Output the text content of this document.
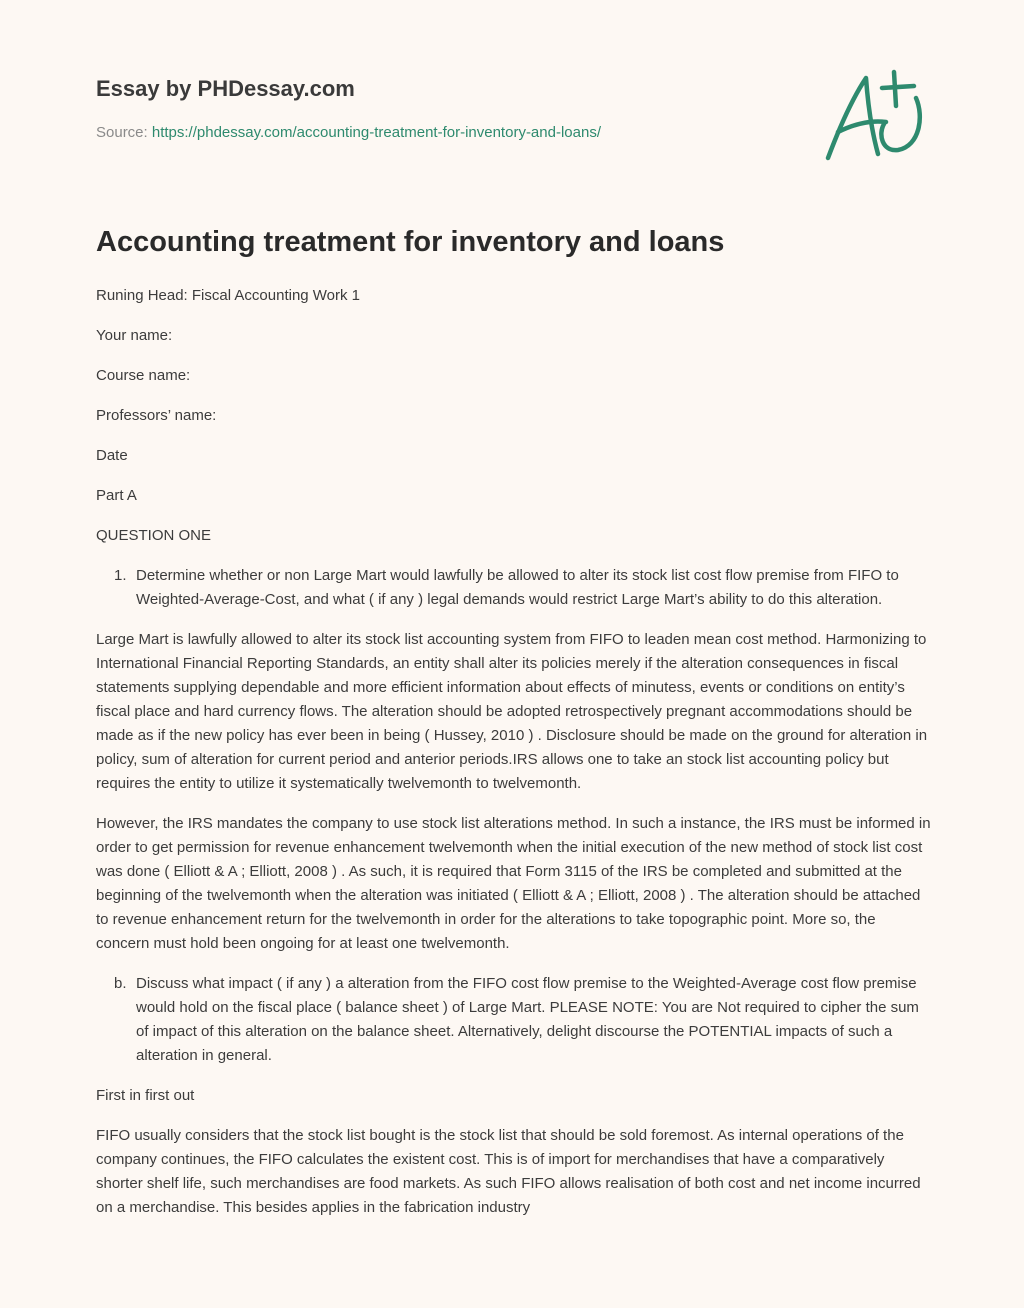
Essay by PHDessay.com
Source: https://phdessay.com/accounting-treatment-for-inventory-and-loans/
Accounting treatment for inventory and loans

Runing Head: Fiscal Accounting Work 1

Your name:

Course name:

Professors’ name:

Date

Part A

QUESTION ONE

1. Determine whether or non Large Mart would lawfully be allowed to alter its stock list cost flow premise from FIFO to Weighted-Average-Cost, and what ( if any ) legal demands would restrict Large Mart’s ability to do this alteration.

Large Mart is lawfully allowed to alter its stock list accounting system from FIFO to leaden mean cost method. Harmonizing to International Financial Reporting Standards, an entity shall alter its policies merely if the alteration consequences in fiscal statements supplying dependable and more efficient information about effects of minutess, events or conditions on entity’s fiscal place and hard currency flows. The alteration should be adopted retrospectively pregnant accommodations should be made as if the new policy has ever been in being ( Hussey, 2010 ) . Disclosure should be made on the ground for alteration in policy, sum of alteration for current period and anterior periods.IRS allows one to take an stock list accounting policy but requires the entity to utilize it systematically twelvemonth to twelvemonth.

However, the IRS mandates the company to use stock list alterations method. In such a instance, the IRS must be informed in order to get permission for revenue enhancement twelvemonth when the initial execution of the new method of stock list cost was done ( Elliott & A ; Elliott, 2008 ) . As such, it is required that Form 3115 of the IRS be completed and submitted at the beginning of the twelvemonth when the alteration was initiated ( Elliott & A ; Elliott, 2008 ) . The alteration should be attached to revenue enhancement return for the twelvemonth in order for the alterations to take topographic point. More so, the concern must hold been ongoing for at least one twelvemonth.

b. Discuss what impact ( if any ) a alteration from the FIFO cost flow premise to the Weighted-Average cost flow premise would hold on the fiscal place ( balance sheet ) of Large Mart. PLEASE NOTE: You are Not required to cipher the sum of impact of this alteration on the balance sheet. Alternatively, delight discourse the POTENTIAL impacts of such a alteration in general.

First in first out

FIFO usually considers that the stock list bought is the stock list that should be sold foremost. As internal operations of the company continues, the FIFO calculates the existent cost. This is of import for merchandises that have a comparatively shorter shelf life, such merchandises are food markets. As such FIFO allows realisation of both cost and net income incurred on a merchandise. This besides applies in the fabrication industry
